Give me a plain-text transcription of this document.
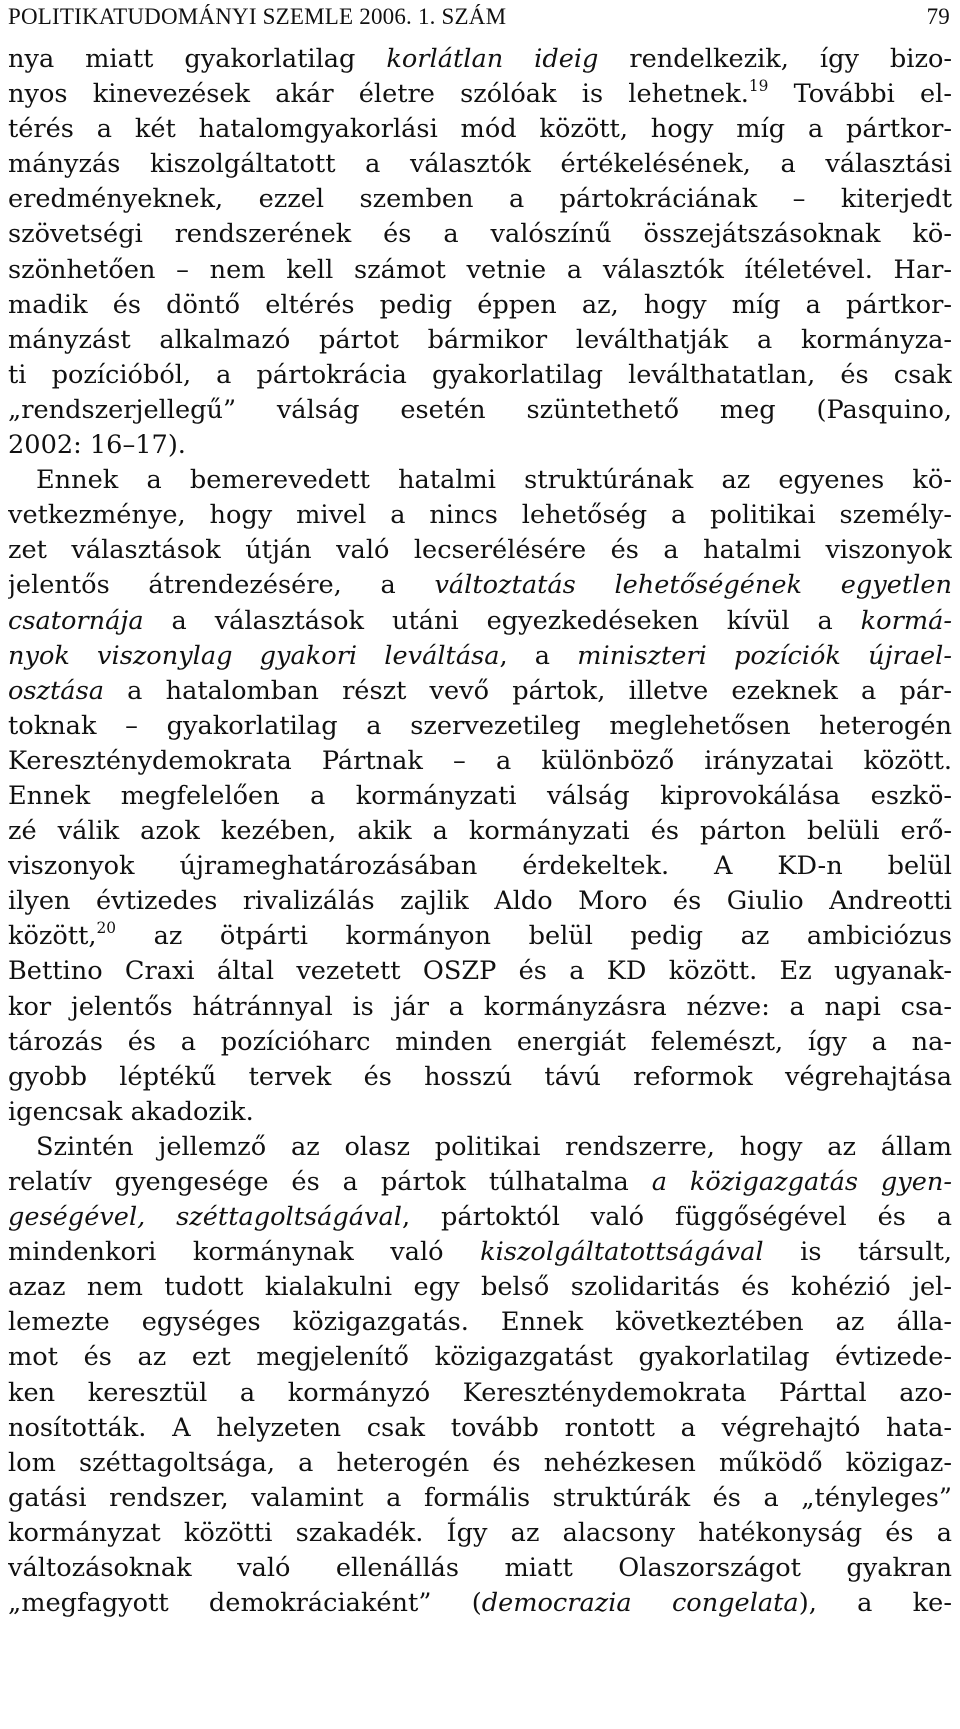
POLITIKATUDOMÁNYI SZEMLE 2006. 1. SZÁM	79
nya miatt gyakorlatilag korlátlan ideig rendelkezik, így bizo-
nyos kinevezések akár életre szólóak is lehetnek.$^{19}$ További el-
térés a két hatalomgyakorlási mód között, hogy míg a pártkor-
mányzás kiszolgáltatott a választók értékelésének, a választási
eredményeknek, ezzel szemben a pártokráciának – kiterjedt
szövetségi rendszerének és a valószínű összejátszásoknak kö-
szönhetően – nem kell számot vetnie a választók ítéletével. Har-
madik és döntő eltérés pedig éppen az, hogy míg a pártkor-
mányzást alkalmazó pártot bármikor leválthatják a kormányza-
ti pozícióból, a pártokrácia gyakorlatilag leválthatatlan, és csak
„rendszerjellegű” válság esetén szüntethető meg (Pasquino,
2002: 16–17).
Ennek a bemerevedett hatalmi struktúrának az egyenes kö-
vetkezménye, hogy mivel a nincs lehetőség a politikai személy-
zet választások útján való lecserélésére és a hatalmi viszonyok
jelentős átrendezésére, a változtatás lehetőségének egyetlen
csatornája a választások utáni egyezkedéseken kívül a kormá-
nyok viszonylag gyakori leváltása, a miniszteri pozíciók újrael-
osztása a hatalomban részt vevő pártok, illetve ezeknek a pár-
toknak – gyakorlatilag a szervezetileg meglehetősen heterogén
Kereszténydemokrata Pártnak – a különböző irányzatai között.
Ennek megfelelően a kormányzati válság kiprovokálása eszkö-
zé válik azok kezében, akik a kormányzati és párton belüli erő-
viszonyok újrameghatározásában érdekeltek. A KD-n belül
ilyen évtizedes rivalizálás zajlik Aldo Moro és Giulio Andreotti
között,$^{20}$ az ötpárti kormányon belül pedig az ambiciózus
Bettino Craxi által vezetett OSZP és a KD között. Ez ugyanak-
kor jelentős hátránnyal is jár a kormányzásra nézve: a napi csa-
tározás és a pozícióharc minden energiát felemészt, így a na-
gyobb léptékű tervek és hosszú távú reformok végrehajtása
igencsak akadozik.
Szintén jellemző az olasz politikai rendszerre, hogy az állam
relatív gyengesége és a pártok túlhatalma a közigazgatás gyen-
geségével, széttagoltságával, pártoktól való függőségével és a
mindenkori kormánynak való kiszolgáltatottságával is társult,
azaz nem tudott kialakulni egy belső szolidaritás és kohézió jel-
lemezte egységes közigazgatás. Ennek következtében az álla-
mot és az ezt megjelenítő közigazgatást gyakorlatilag évtizede-
ken keresztül a kormányzó Kereszténydemokrata Párttal azo-
nosították. A helyzeten csak tovább rontott a végrehajtó hata-
lom széttagoltsága, a heterogén és nehézkesen működő közigaz-
gatási rendszer, valamint a formális struktúrák és a „tényleges”
kormányzat közötti szakadék. Így az alacsony hatékonyság és a
változásoknak való ellenállás miatt Olaszországot gyakran
„megfagyott demokráciaként” (democrazia congelata), a ke-
